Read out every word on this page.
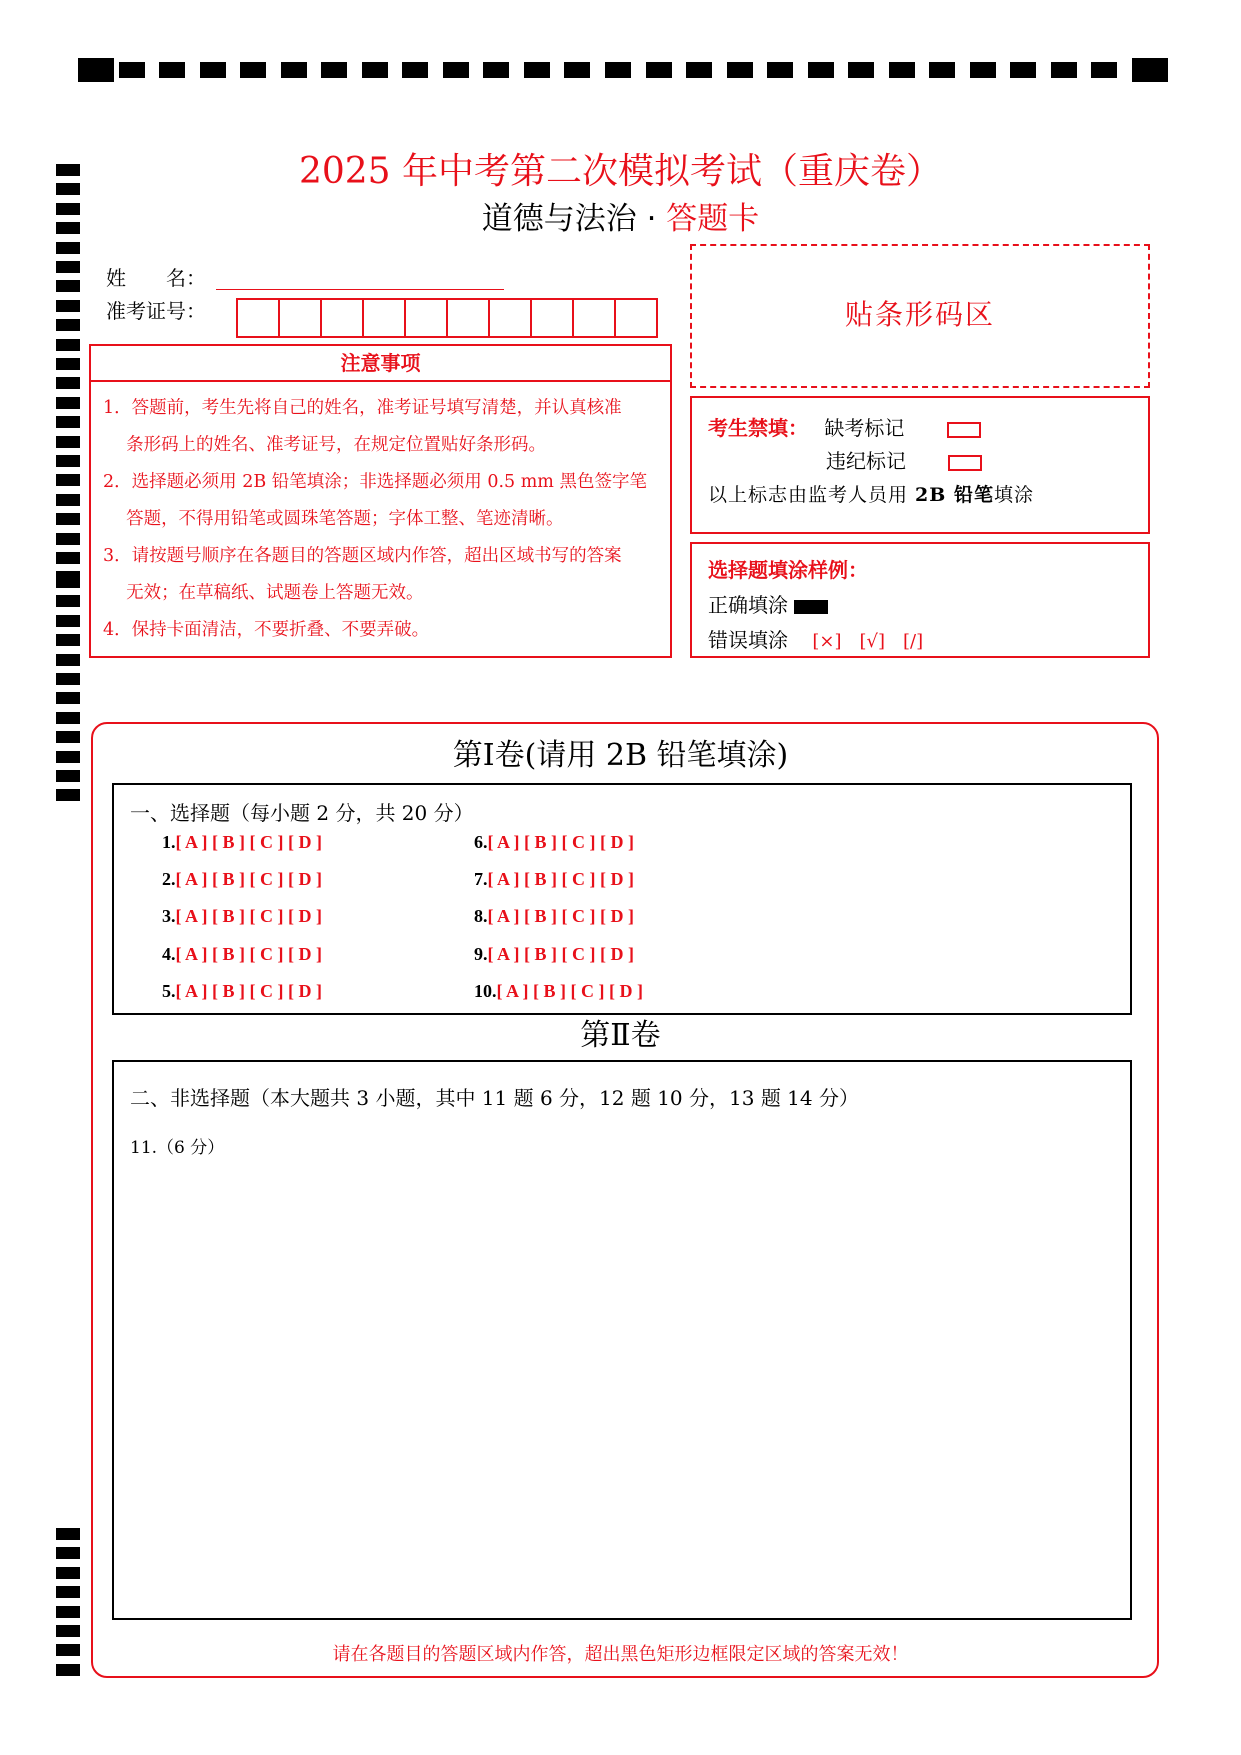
2025 年中考第二次模拟考试（重庆卷）
道德与法治 · 答题卡
姓　　名：
准考证号：
注意事项
1．答题前，考生先将自己的姓名，准考证号填写清楚，并认真核准
　 条形码上的姓名、准考证号，在规定位置贴好条形码。
2．选择题必须用 2B 铅笔填涂；非选择题必须用 0.5 mm 黑色签字笔
　 答题，不得用铅笔或圆珠笔答题；字体工整、笔迹清晰。
3．请按题号顺序在各题目的答题区域内作答，超出区域书写的答案
　 无效；在草稿纸、试题卷上答题无效。
4．保持卡面清洁，不要折叠、不要弄破。
贴条形码区
考生禁填： 缺考标记
违纪标记
以上标志由监考人员用 2B 铅笔填涂
选择题填涂样例：
正确填涂
错误填涂 [×]　[√]　[/]
第Ⅰ卷(请用 2B 铅笔填涂)
一、选择题（每小题 2 分，共 20 分）
1.[ A ] [ B ] [ C ] [ D ]
2.[ A ] [ B ] [ C ] [ D ]
3.[ A ] [ B ] [ C ] [ D ]
4.[ A ] [ B ] [ C ] [ D ]
5.[ A ] [ B ] [ C ] [ D ]
6.[ A ] [ B ] [ C ] [ D ]
7.[ A ] [ B ] [ C ] [ D ]
8.[ A ] [ B ] [ C ] [ D ]
9.[ A ] [ B ] [ C ] [ D ]
10.[ A ] [ B ] [ C ] [ D ]
第Ⅱ卷
二、非选择题（本大题共 3 小题，其中 11 题 6 分，12 题 10 分，13 题 14 分）
11.（6 分）
请在各题目的答题区域内作答，超出黑色矩形边框限定区域的答案无效！
